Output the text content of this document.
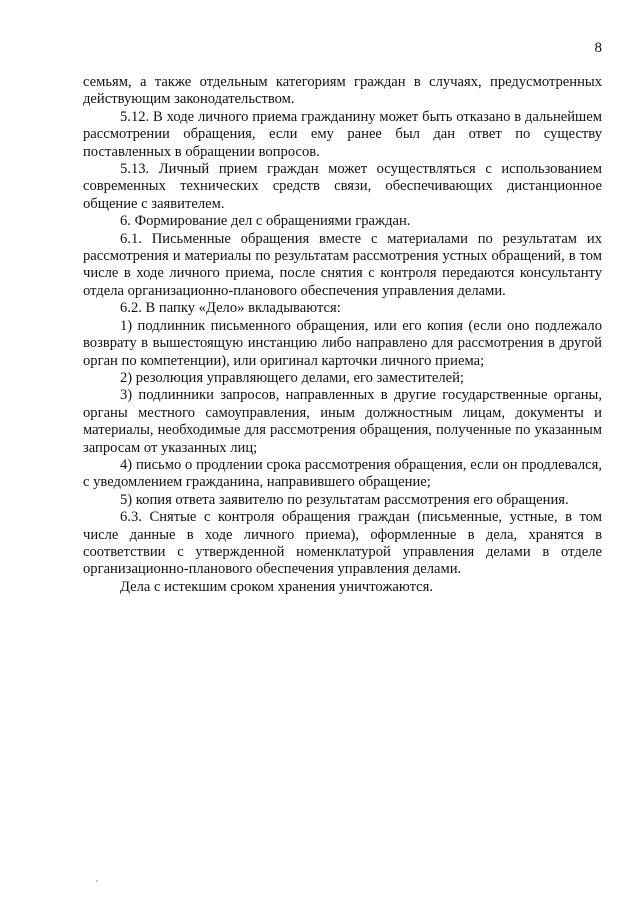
8

семьям, а также отдельным категориям граждан в случаях, предусмотренных действующим законодательством.

5.12. В ходе личного приема гражданину может быть отказано в дальнейшем рассмотрении обращения, если ему ранее был дан ответ по существу поставленных в обращении вопросов.

5.13. Личный прием граждан может осуществляться с использованием современных технических средств связи, обеспечивающих дистанционное общение с заявителем.

6. Формирование дел с обращениями граждан.

6.1. Письменные обращения вместе с материалами по результатам их рассмотрения и материалы по результатам рассмотрения устных обращений, в том числе в ходе личного приема, после снятия с контроля передаются консультанту отдела организационно-планового обеспечения управления делами.

6.2. В папку «Дело» вкладываются:

1) подлинник письменного обращения, или его копия (если оно подлежало возврату в вышестоящую инстанцию либо направлено для рассмотрения в другой орган по компетенции), или оригинал карточки личного приема;

2) резолюция управляющего делами, его заместителей;

3) подлинники запросов, направленных в другие государственные органы, органы местного самоуправления, иным должностным лицам, документы и материалы, необходимые для рассмотрения обращения, полученные по указанным запросам от указанных лиц;

4) письмо о продлении срока рассмотрения обращения, если он продлевался, с уведомлением гражданина, направившего обращение;

5) копия ответа заявителю по результатам рассмотрения его обращения.

6.3. Снятые с контроля обращения граждан (письменные, устные, в том числе данные в ходе личного приема), оформленные в дела, хранятся в соответствии с утвержденной номенклатурой управления делами в отделе организационно-планового обеспечения управления делами.

Дела с истекшим сроком хранения уничтожаются.
